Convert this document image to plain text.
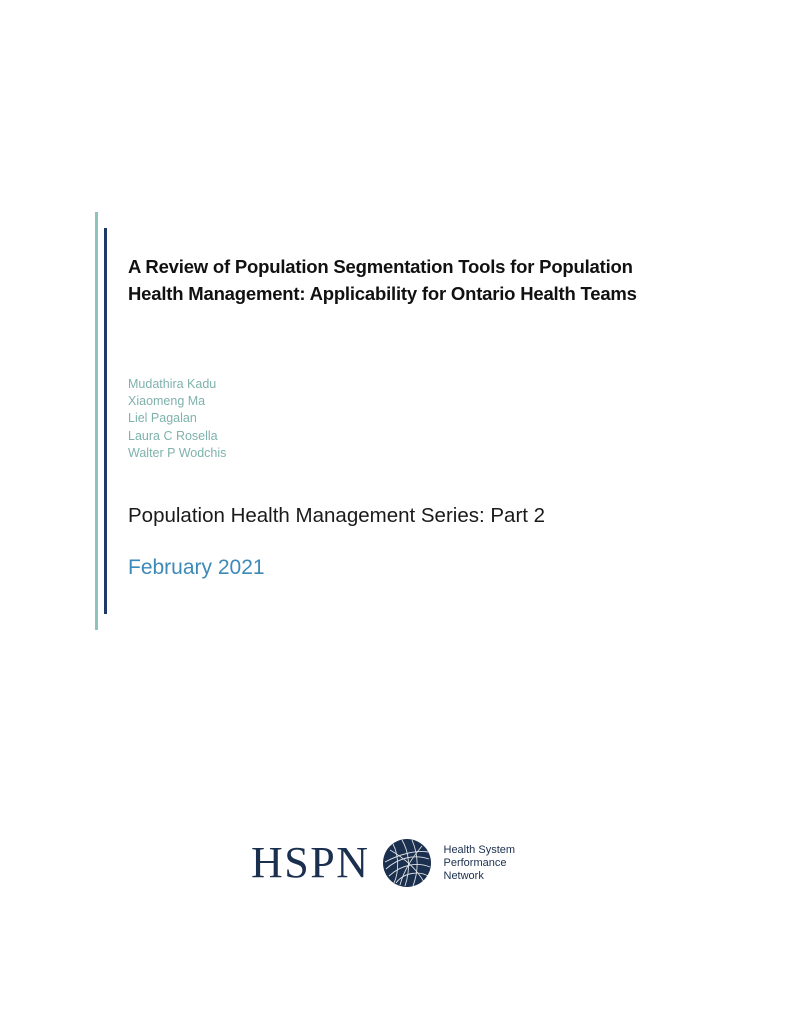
A Review of Population Segmentation Tools for Population
Health Management: Applicability for Ontario Health Teams
Mudathira Kadu
Xiaomeng Ma
Liel Pagalan
Laura C Rosella
Walter P Wodchis
Population Health Management Series: Part 2
February 2021
HSPN	Health System
Performance
Network
